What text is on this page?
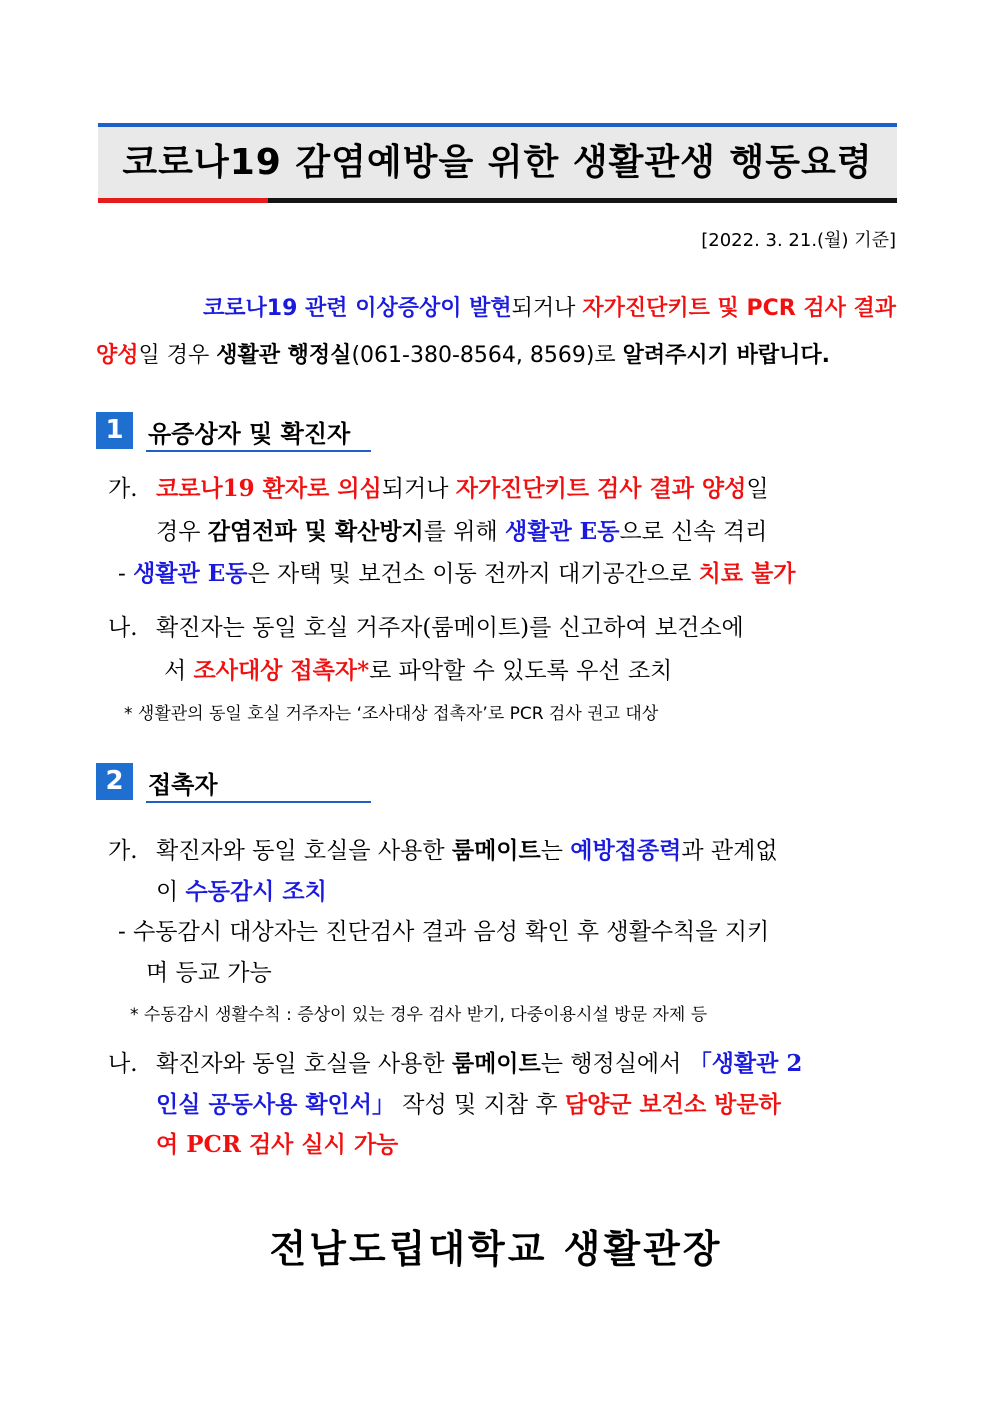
코로나19 감염예방을 위한 생활관생 행동요령
[2022. 3. 21.(월) 기준]
코로나19 관련 이상증상이 발현되거나 자가진단키트 및 PCR 검사 결과
양성일 경우 생활관 행정실(061-380-8564, 8569)로 알려주시기 바랍니다.
1	유증상자 및 확진자
가. 코로나19 환자로 의심되거나 자가진단키트 검사 결과 양성일
경우 감염전파 및 확산방지를 위해 생활관 E동으로 신속 격리
- 생활관 E동은 자택 및 보건소 이동 전까지 대기공간으로 치료 불가
나. 확진자는 동일 호실 거주자(룸메이트)를 신고하여 보건소에
서 조사대상 접촉자*로 파악할 수 있도록 우선 조치
* 생활관의 동일 호실 거주자는 ‘조사대상 접촉자’로 PCR 검사 권고 대상
2	접촉자
가. 확진자와 동일 호실을 사용한 룸메이트는 예방접종력과 관계없
이 수동감시 조치
- 수동감시 대상자는 진단검사 결과 음성 확인 후 생활수칙을 지키
며 등교 가능
* 수동감시 생활수칙 : 증상이 있는 경우 검사 받기, 다중이용시설 방문 자제 등
나. 확진자와 동일 호실을 사용한 룸메이트는 행정실에서 「생활관 2
인실 공동사용 확인서」 작성 및 지참 후 담양군 보건소 방문하
여 PCR 검사 실시 가능
전남도립대학교 생활관장
